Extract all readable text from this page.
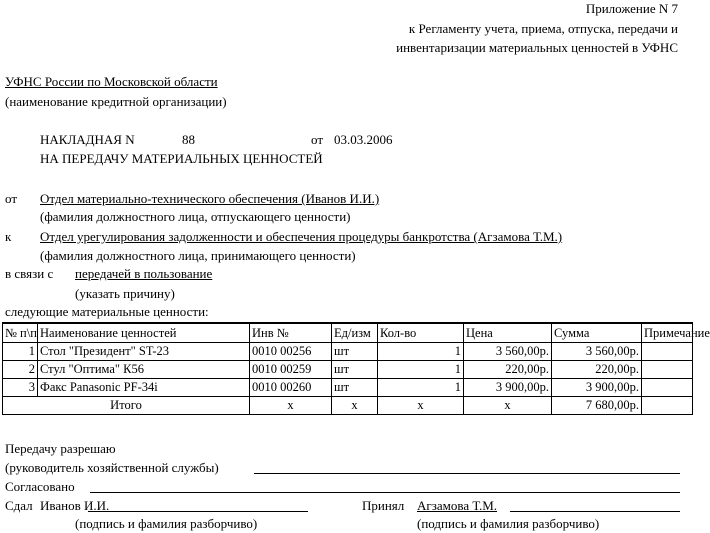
Приложение N 7
к Регламенту учета, приема, отпуска, передачи и
инвентаризации материальных ценностей в УФНС
УФНС России по Московской области
(наименование кредитной организации)
НАКЛАДНАЯ N	88	от 03.03.2006
НА ПЕРЕДАЧУ МАТЕРИАЛЬНЫХ ЦЕННОСТЕЙ
от Отдел материально-технического обеспечения (Иванов И.И.)
(фамилия должностного лица, отпускающего ценности)
к Отдел урегулирования задолженности и обеспечения процедуры банкротства (Агзамова Т.М.)
(фамилия должностного лица, принимающего ценности)
в связи с передачей в пользование
(указать причину)
следующие материальные ценности:
№ п\п	Наименование ценностей	Инв №	Ед/изм	Кол-во	Цена	Сумма	Примечание
1	Стол "Президент" ST-23	0010 00256	шт	1	3 560,00р.	3 560,00р.	
2	Стул "Оптима" К56	0010 00259	шт	1	220,00р.	220,00р.	
3	Факс Panasonic PF-34i	0010 00260	шт	1	3 900,00р.	3 900,00р.	
Итого		x	x	x	x	7 680,00р.	
Передачу разрешаю
(руководитель хозяйственной службы)
Согласовано
Сдал Иванов И.И.	Принял Агзамова Т.М.
(подпись и фамилия разборчиво)	(подпись и фамилия разборчиво)
